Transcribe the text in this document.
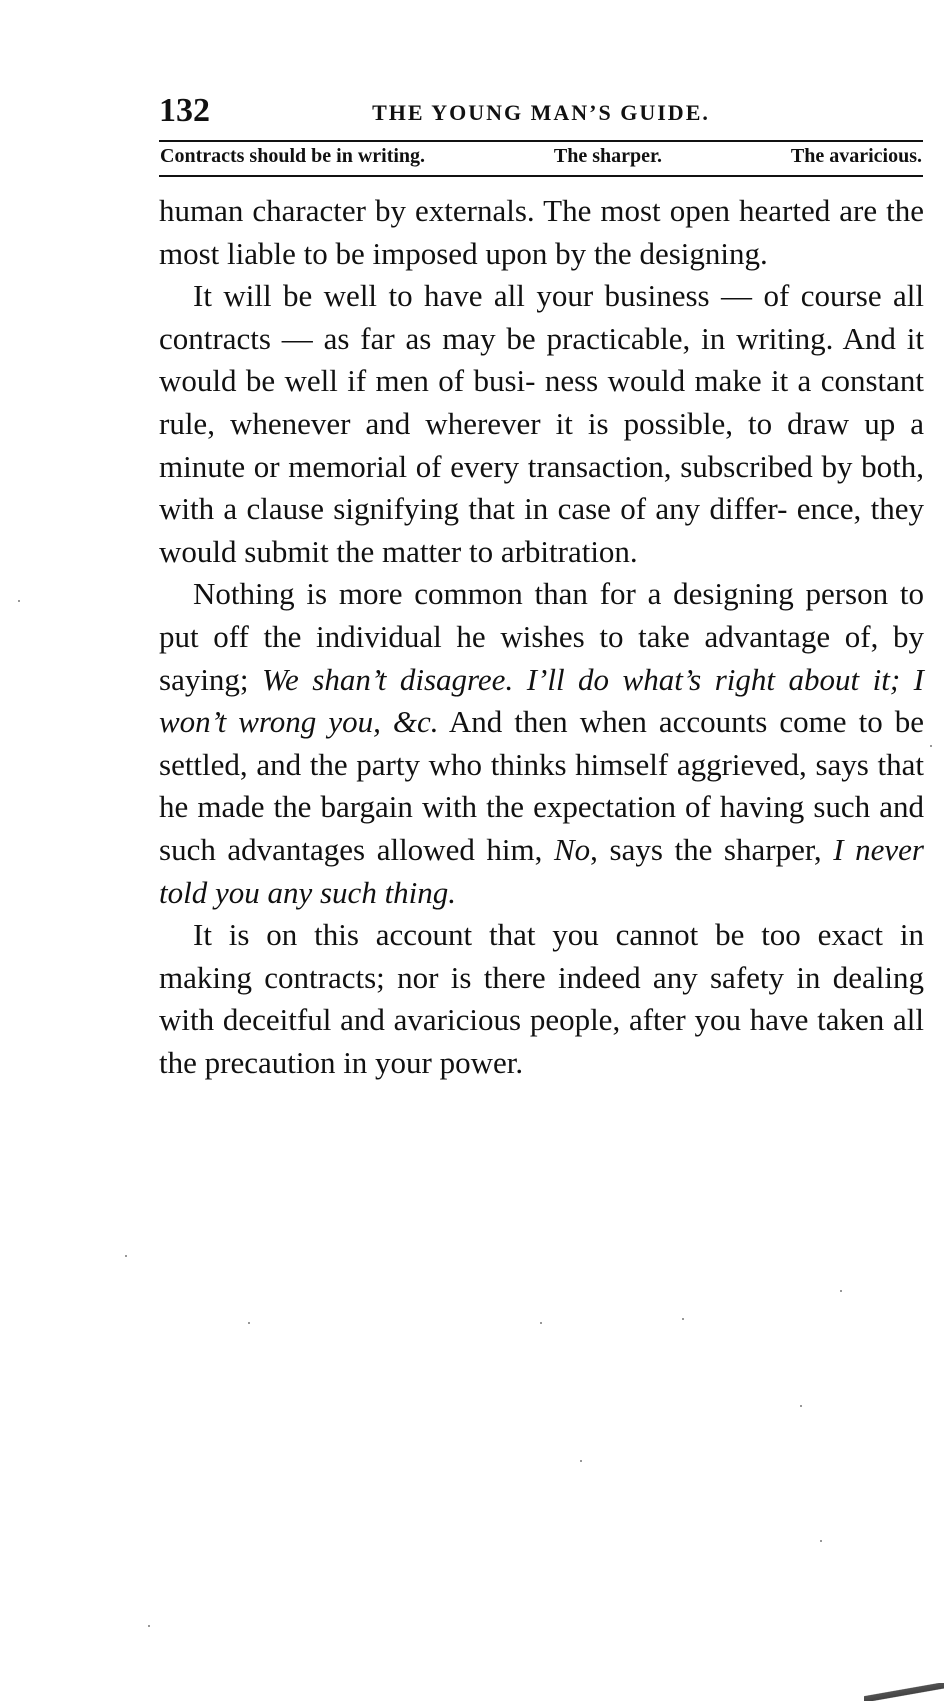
132	THE YOUNG MAN’S GUIDE.
Contracts should be in writing.	The sharper.	The avaricious.

human character by externals. The most open hearted are the most liable to be imposed upon by the designing.

It will be well to have all your business — of course all contracts — as far as may be practicable, in writing. And it would be well if men of busi- ness would make it a constant rule, whenever and wherever it is possible, to draw up a minute or memorial of every transaction, subscribed by both, with a clause signifying that in case of any differ- ence, they would submit the matter to arbitration.

Nothing is more common than for a designing person to put off the individual he wishes to take advantage of, by saying; We shan’t disagree. I’ll do what’s right about it; I won’t wrong you, &c. And then when accounts come to be settled, and the party who thinks himself aggrieved, says that he made the bargain with the expectation of having such and such advantages allowed him, No, says the sharper, I never told you any such thing.

It is on this account that you cannot be too exact in making contracts; nor is there indeed any safety in dealing with deceitful and avaricious people, after you have taken all the precaution in your power.
